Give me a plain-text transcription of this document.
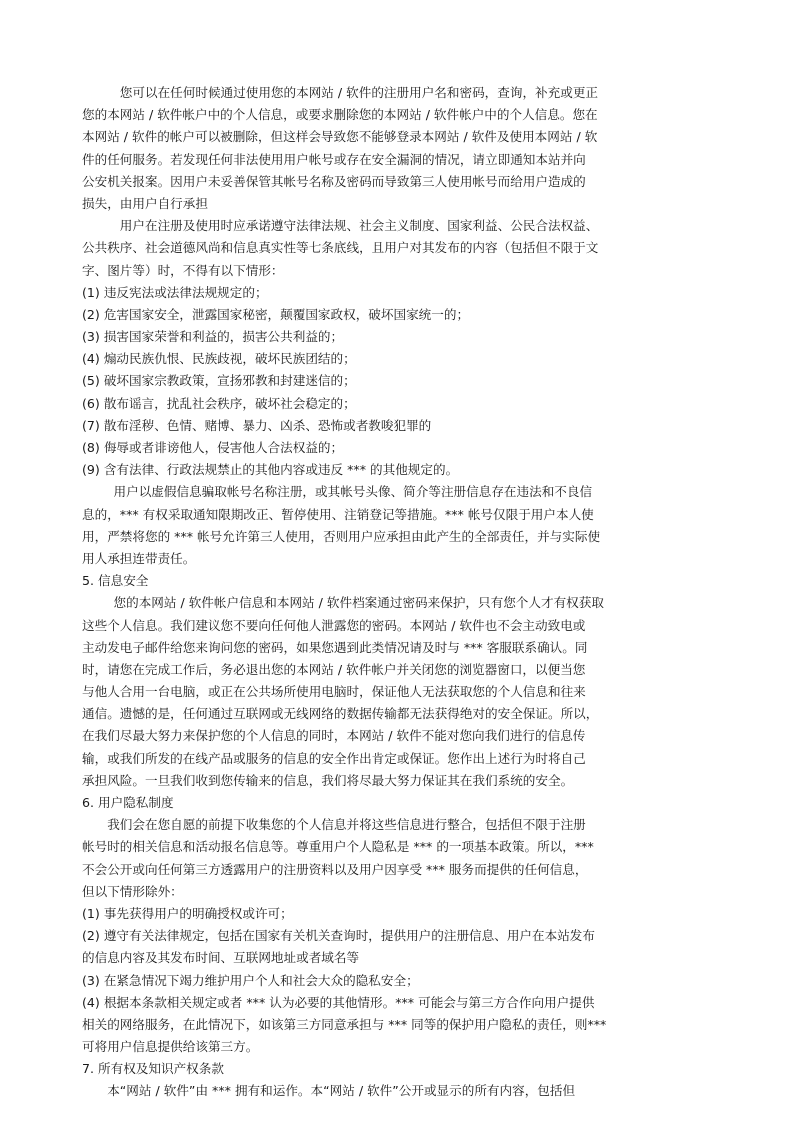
您可以在任何时候通过使用您的本网站 / 软件的注册用户名和密码，查询，补充或更正
您的本网站 / 软件帐户中的个人信息，或要求删除您的本网站 / 软件帐户中的个人信息。您在
本网站 / 软件的帐户可以被删除，但这样会导致您不能够登录本网站 / 软件及使用本网站 / 软
件的任何服务。若发现任何非法使用用户帐号或存在安全漏洞的情况，请立即通知本站并向
公安机关报案。因用户未妥善保管其帐号名称及密码而导致第三人使用帐号而给用户造成的
损失，由用户自行承担
用户在注册及使用时应承诺遵守法律法规、社会主义制度、国家利益、公民合法权益、
公共秩序、社会道德风尚和信息真实性等七条底线，且用户对其发布的内容（包括但不限于文
字、图片等）时，不得有以下情形：
(1) 违反宪法或法律法规规定的；
(2) 危害国家安全，泄露国家秘密，颠覆国家政权，破坏国家统一的；
(3) 损害国家荣誉和利益的，损害公共利益的；
(4) 煽动民族仇恨、民族歧视，破坏民族团结的；
(5) 破坏国家宗教政策，宣扬邪教和封建迷信的；
(6) 散布谣言，扰乱社会秩序，破坏社会稳定的；
(7) 散布淫秽、色情、赌博、暴力、凶杀、恐怖或者教唆犯罪的
(8) 侮辱或者诽谤他人，侵害他人合法权益的；
(9) 含有法律、行政法规禁止的其他内容或违反 *** 的其他规定的。
用户以虚假信息骗取帐号名称注册，或其帐号头像、简介等注册信息存在违法和不良信
息的，*** 有权采取通知限期改正、暂停使用、注销登记等措施。*** 帐号仅限于用户本人使
用，严禁将您的 *** 帐号允许第三人使用，否则用户应承担由此产生的全部责任，并与实际使
用人承担连带责任。
5. 信息安全
您的本网站 / 软件帐户信息和本网站 / 软件档案通过密码来保护，只有您个人才有权获取
这些个人信息。我们建议您不要向任何他人泄露您的密码。本网站 / 软件也不会主动致电或
主动发电子邮件给您来询问您的密码，如果您遇到此类情况请及时与 *** 客服联系确认。同
时，请您在完成工作后，务必退出您的本网站 / 软件帐户并关闭您的浏览器窗口，以便当您
与他人合用一台电脑，或正在公共场所使用电脑时，保证他人无法获取您的个人信息和往来
通信。遗憾的是，任何通过互联网或无线网络的数据传输都无法获得绝对的安全保证。所以，
在我们尽最大努力来保护您的个人信息的同时，本网站 / 软件不能对您向我们进行的信息传
输，或我们所发的在线产品或服务的信息的安全作出肯定或保证。您作出上述行为时将自己
承担风险。一旦我们收到您传输来的信息，我们将尽最大努力保证其在我们系统的安全。
6. 用户隐私制度
我们会在您自愿的前提下收集您的个人信息并将这些信息进行整合，包括但不限于注册
帐号时的相关信息和活动报名信息等。尊重用户个人隐私是 *** 的一项基本政策。所以，***
不会公开或向任何第三方透露用户的注册资料以及用户因享受 *** 服务而提供的任何信息，
但以下情形除外：
(1) 事先获得用户的明确授权或许可；
(2) 遵守有关法律规定，包括在国家有关机关查询时，提供用户的注册信息、用户在本站发布
的信息内容及其发布时间、互联网地址或者域名等
(3) 在紧急情况下竭力维护用户个人和社会大众的隐私安全；
(4) 根据本条款相关规定或者 *** 认为必要的其他情形。*** 可能会与第三方合作向用户提供
相关的网络服务，在此情况下，如该第三方同意承担与 *** 同等的保护用户隐私的责任，则***
可将用户信息提供给该第三方。
7. 所有权及知识产权条款
本“网站 / 软件”由 *** 拥有和运作。本“网站 / 软件”公开或显示的所有内容，包括但
